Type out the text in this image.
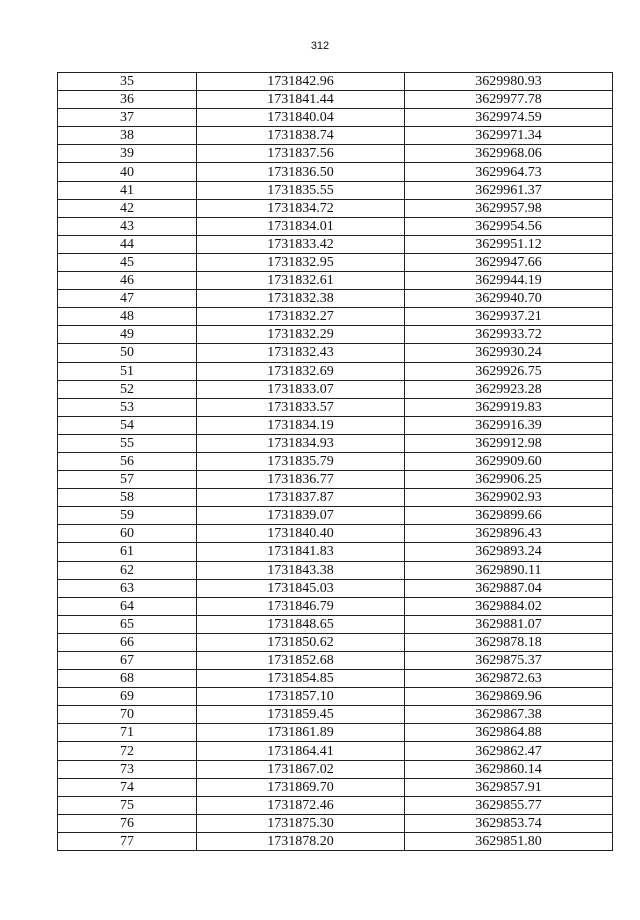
312
35	1731842.96	3629980.93
36	1731841.44	3629977.78
37	1731840.04	3629974.59
38	1731838.74	3629971.34
39	1731837.56	3629968.06
40	1731836.50	3629964.73
41	1731835.55	3629961.37
42	1731834.72	3629957.98
43	1731834.01	3629954.56
44	1731833.42	3629951.12
45	1731832.95	3629947.66
46	1731832.61	3629944.19
47	1731832.38	3629940.70
48	1731832.27	3629937.21
49	1731832.29	3629933.72
50	1731832.43	3629930.24
51	1731832.69	3629926.75
52	1731833.07	3629923.28
53	1731833.57	3629919.83
54	1731834.19	3629916.39
55	1731834.93	3629912.98
56	1731835.79	3629909.60
57	1731836.77	3629906.25
58	1731837.87	3629902.93
59	1731839.07	3629899.66
60	1731840.40	3629896.43
61	1731841.83	3629893.24
62	1731843.38	3629890.11
63	1731845.03	3629887.04
64	1731846.79	3629884.02
65	1731848.65	3629881.07
66	1731850.62	3629878.18
67	1731852.68	3629875.37
68	1731854.85	3629872.63
69	1731857.10	3629869.96
70	1731859.45	3629867.38
71	1731861.89	3629864.88
72	1731864.41	3629862.47
73	1731867.02	3629860.14
74	1731869.70	3629857.91
75	1731872.46	3629855.77
76	1731875.30	3629853.74
77	1731878.20	3629851.80
